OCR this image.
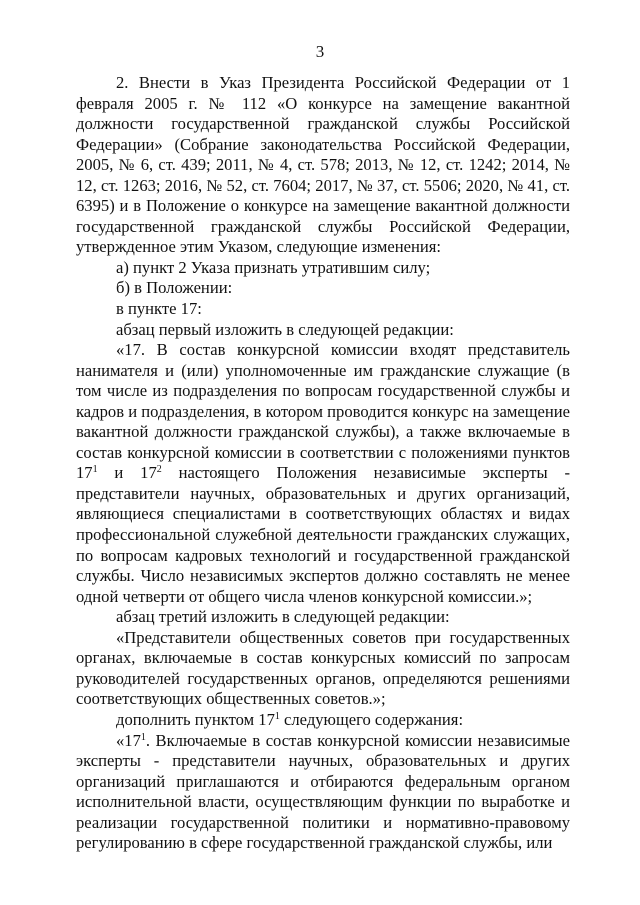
3

2. Внести в Указ Президента Российской Федерации от 1 февраля 2005 г. № 112 «О конкурсе на замещение вакантной должности государственной гражданской службы Российской Федерации» (Собрание законодательства Российской Федерации, 2005, № 6, ст. 439; 2011, № 4, ст. 578; 2013, № 12, ст. 1242; 2014, № 12, ст. 1263; 2016, № 52, ст. 7604; 2017, № 37, ст. 5506; 2020, № 41, ст. 6395) и в Положение о конкурсе на замещение вакантной должности государственной гражданской службы Российской Федерации, утвержденное этим Указом, следующие изменения:

а) пункт 2 Указа признать утратившим силу;

б) в Положении:

в пункте 17:

абзац первый изложить в следующей редакции:

«17. В состав конкурсной комиссии входят представитель нанимателя и (или) уполномоченные им гражданские служащие (в том числе из подразделения по вопросам государственной службы и кадров и подразделения, в котором проводится конкурс на замещение вакантной должности гражданской службы), а также включаемые в состав конкурсной комиссии в соответствии с положениями пунктов $17^1$ и $17^2$ настоящего Положения независимые эксперты - представители научных, образовательных и других организаций, являющиеся специалистами в соответствующих областях и видах профессиональной служебной деятельности гражданских служащих, по вопросам кадровых технологий и государственной гражданской службы. Число независимых экспертов должно составлять не менее одной четверти от общего числа членов конкурсной комиссии.»;

абзац третий изложить в следующей редакции:

«Представители общественных советов при государственных органах, включаемые в состав конкурсных комиссий по запросам руководителей государственных органов, определяются решениями соответствующих общественных советов.»;

дополнить пунктом $17^1$ следующего содержания:

«$17^1$. Включаемые в состав конкурсной комиссии независимые эксперты - представители научных, образовательных и других организаций приглашаются и отбираются федеральным органом исполнительной власти, осуществляющим функции по выработке и реализации государственной политики и нормативно-правовому регулированию в сфере государственной гражданской службы, или
